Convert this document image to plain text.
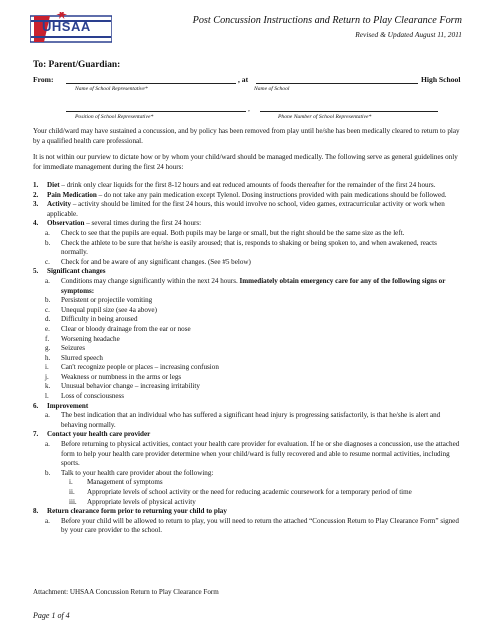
UHSAA	Post Concussion Instructions and Return to Play Clearance Form
Revised & Updated August 11, 2011
To: Parent/Guardian:
From:	, at	High School
Name of School Representative*	Name of School
,
Position of School Representative*	Phone Number of School Representative*
Your child/ward may have sustained a concussion, and by policy has been removed from play until he/she has been medically cleared to return to play by a qualified health care professional.
It is not within our purview to dictate how or by whom your child/ward should be managed medically. The following serve as general guidelines only for immediate management during the first 24 hours:
1. Diet – drink only clear liquids for the first 8-12 hours and eat reduced amounts of foods thereafter for the remainder of the first 24 hours.
2. Pain Medication – do not take any pain medication except Tylenol. Dosing instructions provided with pain medications should be followed.
3. Activity – activity should be limited for the first 24 hours, this would involve no school, video games, extracurricular activity or work when applicable.
4. Observation – several times during the first 24 hours:
a. Check to see that the pupils are equal. Both pupils may be large or small, but the right should be the same size as the left.
b. Check the athlete to be sure that he/she is easily aroused; that is, responds to shaking or being spoken to, and when awakened, reacts normally.
c. Check for and be aware of any significant changes. (See #5 below)
5. Significant changes
a. Conditions may change significantly within the next 24 hours. Immediately obtain emergency care for any of the following signs or symptoms:
b. Persistent or projectile vomiting
c. Unequal pupil size (see 4a above)
d. Difficulty in being aroused
e. Clear or bloody drainage from the ear or nose
f. Worsening headache
g. Seizures
h. Slurred speech
i. Can't recognize people or places – increasing confusion
j. Weakness or numbness in the arms or legs
k. Unusual behavior change – increasing irritability
l. Loss of consciousness
6. Improvement
a. The best indication that an individual who has suffered a significant head injury is progressing satisfactorily, is that he/she is alert and behaving normally.
7. Contact your health care provider
a. Before returning to physical activities, contact your health care provider for evaluation. If he or she diagnoses a concussion, use the attached form to help your health care provider determine when your child/ward is fully recovered and able to resume normal activities, including sports.
b. Talk to your health care provider about the following:
i. Management of symptoms
ii. Appropriate levels of school activity or the need for reducing academic coursework for a temporary period of time
iii. Appropriate levels of physical activity
8. Return clearance form prior to returning your child to play
a. Before your child will be allowed to return to play, you will need to return the attached “Concussion Return to Play Clearance Form” signed by your care provider to the school.
Attachment: UHSAA Concussion Return to Play Clearance Form
Page 1 of 4
